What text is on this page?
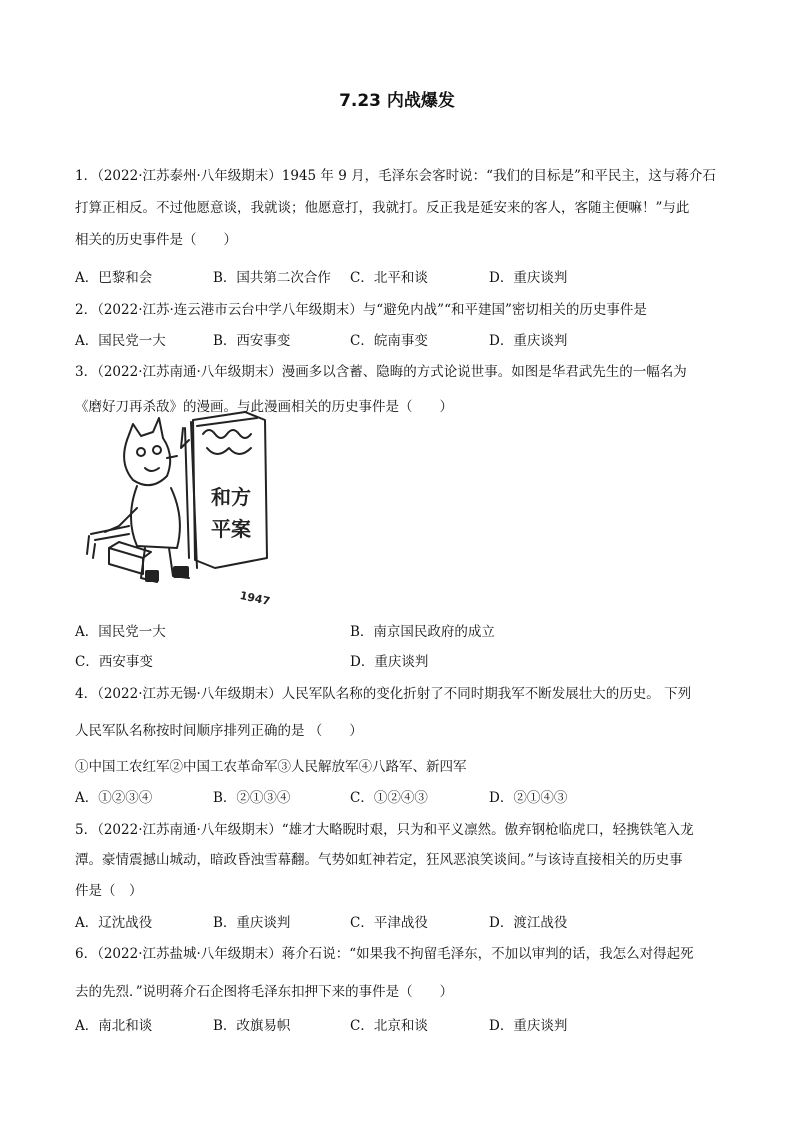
7.23 内战爆发
1．（2022·江苏泰州·八年级期末）1945 年 9 月，毛泽东会客时说：“我们的目标是”和平民主，这与蒋介石
打算正相反。不过他愿意谈，我就谈；他愿意打，我就打。反正我是延安来的客人，客随主便嘛！”与此
相关的历史事件是（　　）
A．巴黎和会	B．国共第二次合作 C．北平和谈	D．重庆谈判
2．（2022·江苏·连云港市云台中学八年级期末）与“避免内战”“和平建国”密切相关的历史事件是
A．国民党一大	B．西安事变	C．皖南事变	D．重庆谈判
3．（2022·江苏南通·八年级期末）漫画多以含蓄、隐晦的方式论说世事。如图是华君武先生的一幅名为
《磨好刀再杀敌》的漫画。与此漫画相关的历史事件是（　　）
和方
平案
1947
A．国民党一大	B．南京国民政府的成立
C．西安事变	D．重庆谈判
4．（2022·江苏无锡·八年级期末）人民军队名称的变化折射了不同时期我军不断发展壮大的历史。 下列
人民军队名称按时间顺序排列正确的是 （　　）
①中国工农红军②中国工农革命军③人民解放军④八路军、新四军
A．①②③④	B．②①③④	C．①②④③	D．②①④③
5．（2022·江苏南通·八年级期末）“雄才大略睨时艰，只为和平义凛然。傲弃钢枪临虎口，轻携铁笔入龙
潭。豪情震撼山城动，暗政昏浊雪幕翻。气势如虹神若定，狂风恶浪笑谈间。”与该诗直接相关的历史事
件是（　）
A．辽沈战役	B．重庆谈判	C．平津战役	D．渡江战役
6．（2022·江苏盐城·八年级期末）蒋介石说：“如果我不拘留毛泽东，不加以审判的话，我怎么对得起死
去的先烈．”说明蒋介石企图将毛泽东扣押下来的事件是（　　）
A．南北和谈	B．改旗易帜	C．北京和谈	D．重庆谈判
